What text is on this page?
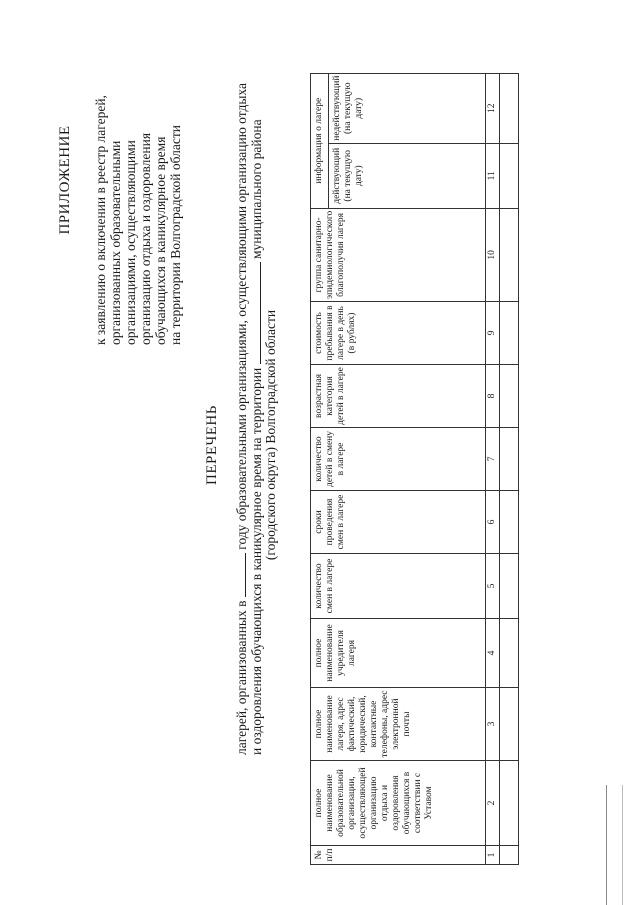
ПРИЛОЖЕНИЕ к заявлению о включении в реестр лагерей, организованных образовательными организациями, осуществляющими организацию отдыха и оздоровления обучающихся в каникулярное время на территории Волгоградской области
ПЕРЕЧЕНЬ
лагерей, организованных в  году образовательными организациями, осуществляющими организацию отдыха
и оздоровления обучающихся в каникулярное время на территории  муниципального района
(городского округа) Волгоградской области
№ п/п	полное наименование образовательной организации, осуществляющей организацию отдыха и оздоровления обучающихся в соответствии с Уставом	полное наименование лагеря, адрес фактический, юридический, контактные телефоны, адрес электронной почты	полное наименование учредителя лагеря	количество смен в лагере	сроки проведения смен в лагере	количество детей в смену в лагере	возрастная категория детей в лагере	стоимость пребывания в лагере в день (в рублях)	группа санитарно-эпидемиологического благополучия лагеря	информация о лагере	
										действующий (на текущую дату)	недействующий (на текущую дату)
1	2	3	4	5	6	7	8	9	10	11	12
